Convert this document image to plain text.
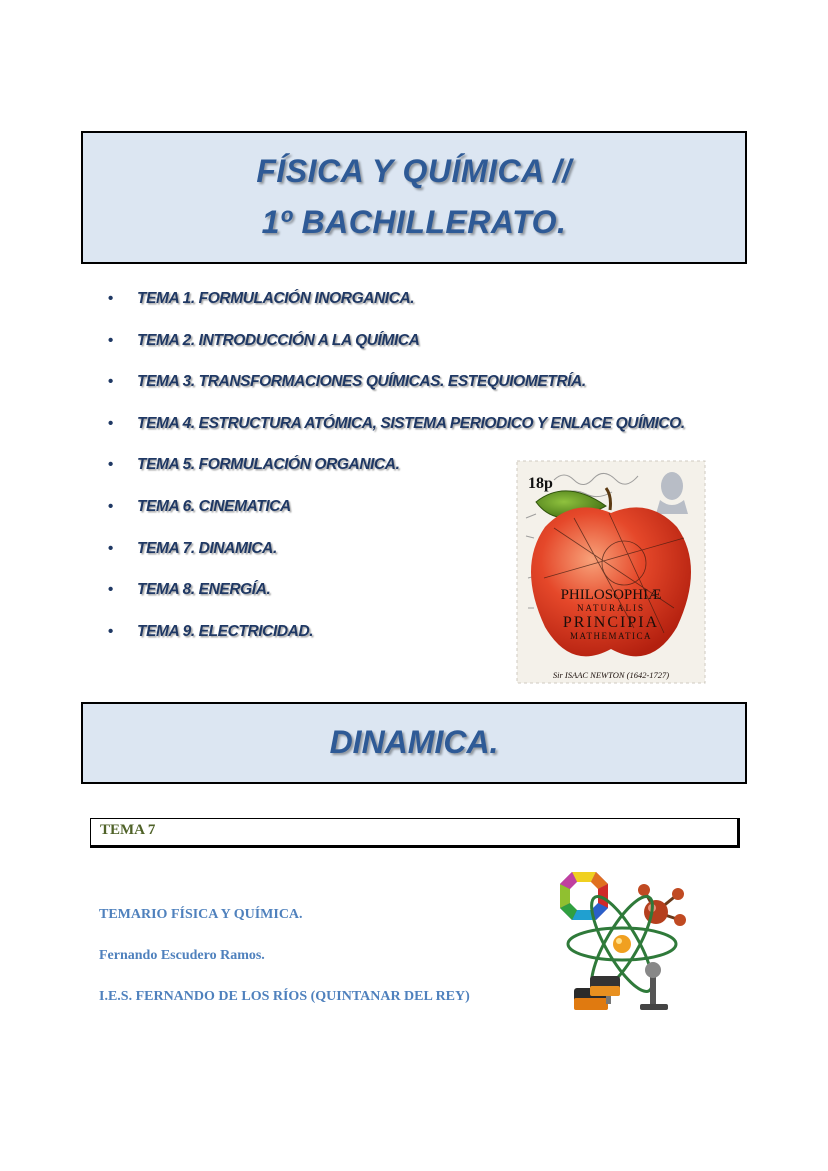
FÍSICA Y QUÍMICA //
1º BACHILLERATO.
• TEMA 1. FORMULACIÓN INORGANICA.
• TEMA 2. INTRODUCCIÓN A LA QUÍMICA
• TEMA 3. TRANSFORMACIONES QUÍMICAS. ESTEQUIOMETRÍA.
• TEMA 4. ESTRUCTURA ATÓMICA, SISTEMA PERIODICO Y ENLACE QUÍMICO.
• TEMA 5. FORMULACIÓN ORGANICA.
• TEMA 6. CINEMATICA
• TEMA 7. DINAMICA.
• TEMA 8. ENERGÍA.
• TEMA 9. ELECTRICIDAD.
18p
PHILOSOPHIÆ
NATURALIS
PRINCIPIA
MATHEMATICA
Sir ISAAC NEWTON (1642-1727)
DINAMICA.
TEMA 7
TEMARIO FÍSICA Y QUÍMICA.
Fernando Escudero Ramos.
I.E.S. FERNANDO DE LOS RÍOS (QUINTANAR DEL REY)
